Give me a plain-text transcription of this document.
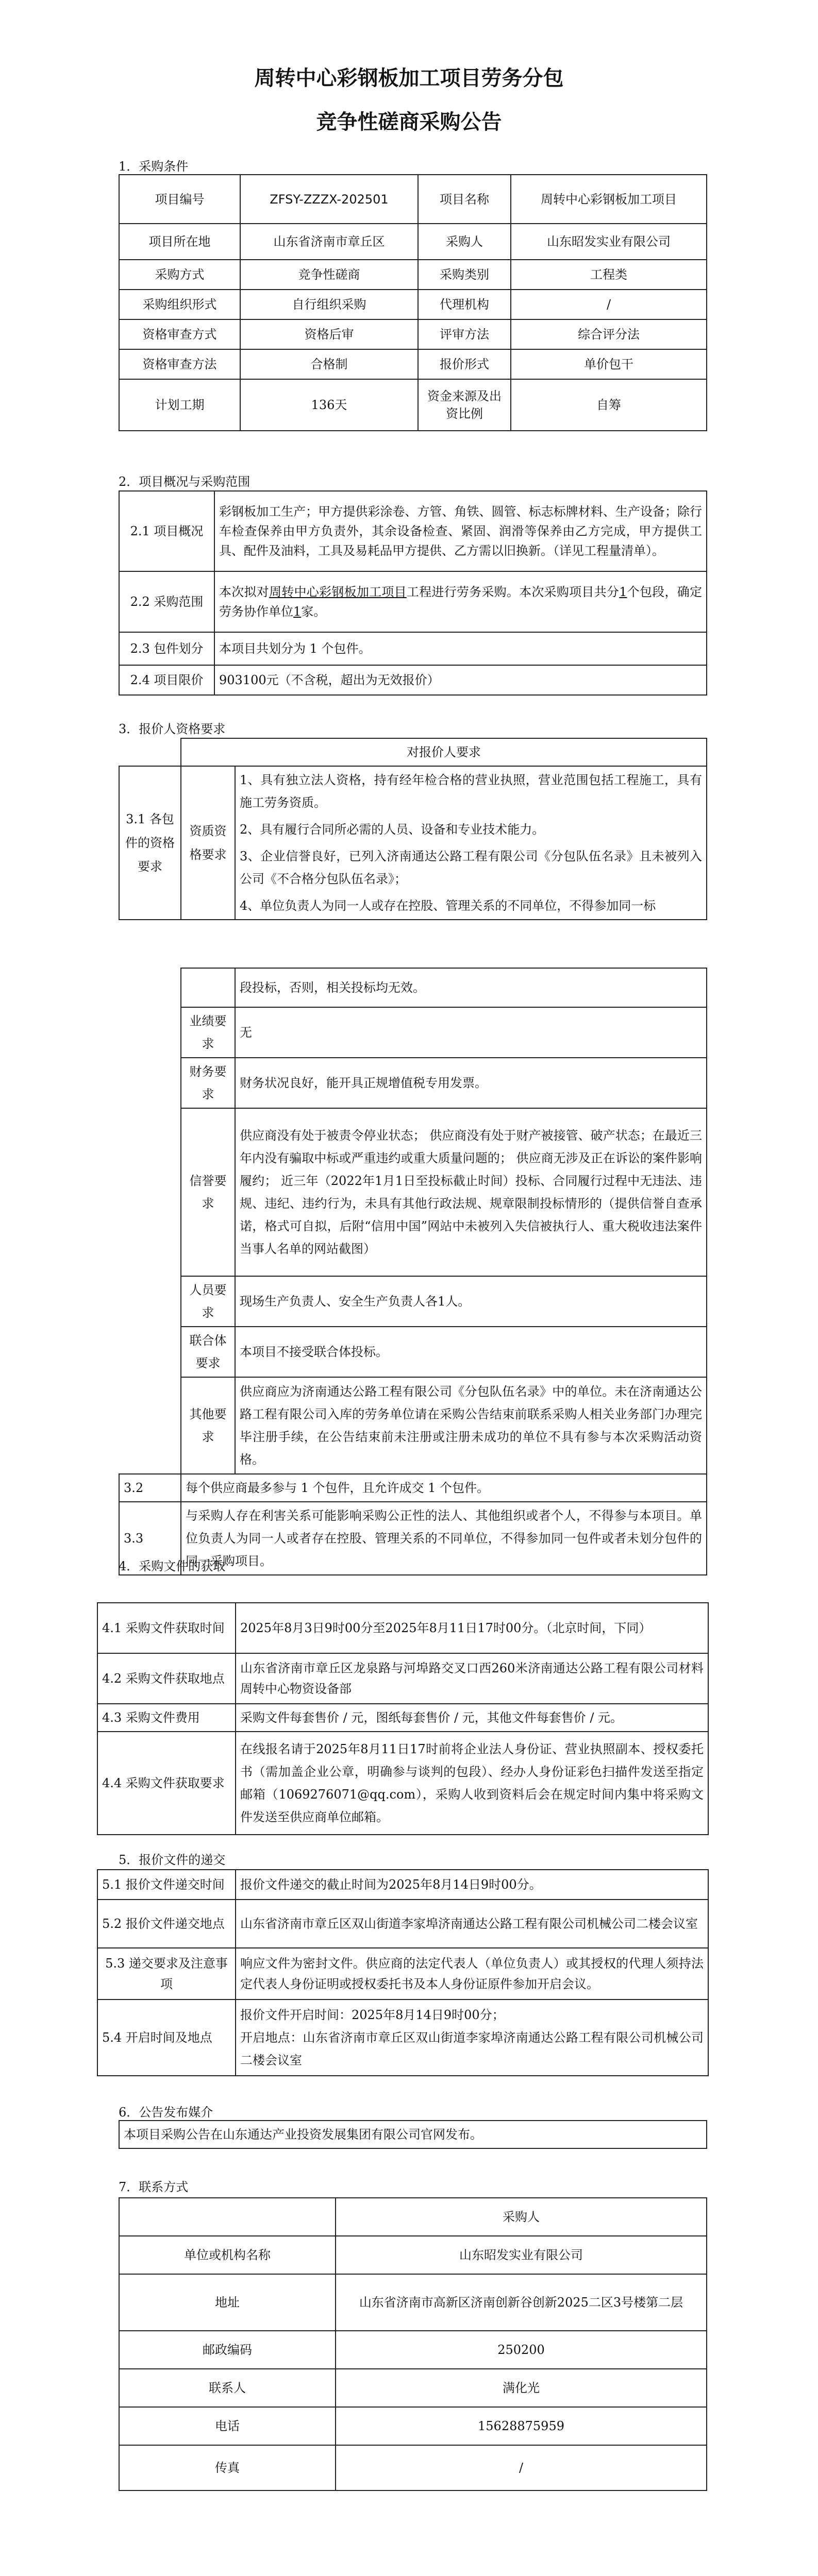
周转中心彩钢板加工项目劳务分包
竞争性磋商采购公告
1．采购条件
项目编号	ZFSY-ZZZX-202501	项目名称	周转中心彩钢板加工项目
项目所在地	山东省济南市章丘区	采购人	山东昭发实业有限公司
采购方式	竞争性磋商	采购类别	工程类
采购组织形式	自行组织采购	代理机构	/
资格审查方式	资格后审	评审方法	综合评分法
资格审查方法	合格制	报价形式	单价包干
计划工期	136天	资金来源及出资比例	自筹
2．项目概况与采购范围
2.1 项目概况	彩钢板加工生产；甲方提供彩涂卷、方管、角铁、圆管、标志标牌材料、生产设备；除行车检查保养由甲方负责外，其余设备检查、紧固、润滑等保养由乙方完成，甲方提供工具、配件及油料，工具及易耗品甲方提供、乙方需以旧换新。（详见工程量清单）。
2.2 采购范围	本次拟对周转中心彩钢板加工项目工程进行劳务采购。本次采购项目共分1个包段，确定劳务协作单位1家。
2.3 包件划分	本项目共划分为 1 个包件。
2.4 项目限价	903100元（不含税，超出为无效报价）
3．报价人资格要求
	对报价人要求	
3.1 各包件的资格要求	资质资格要求	1、具有独立法人资格，持有经年检合格的营业执照，营业范围包括工程施工，具有施工劳务资质。
		2、具有履行合同所必需的人员、设备和专业技术能力。
		3、企业信誉良好，已列入济南通达公路工程有限公司《分包队伍名录》且未被列入公司《不合格分包队伍名录》；
		4、单位负责人为同一人或存在控股、管理关系的不同单位，不得参加同一标
		段投标，否则，相关投标均无效。
	业绩要求	无
	财务要求	财务状况良好，能开具正规增值税专用发票。
	信誉要求	供应商没有处于被责令停业状态； 供应商没有处于财产被接管、破产状态；在最近三年内没有骗取中标或严重违约或重大质量问题的； 供应商无涉及正在诉讼的案件影响履约； 近三年（2022年1月1日至投标截止时间）投标、合同履行过程中无违法、违规、违纪、违约行为，未具有其他行政法规、规章限制投标情形的（提供信誉自查承诺，格式可自拟，后附“信用中国”网站中未被列入失信被执行人、重大税收违法案件当事人名单的网站截图）
	人员要求	现场生产负责人、安全生产负责人各1人。
	联合体要求	本项目不接受联合体投标。
	其他要求	供应商应为济南通达公路工程有限公司《分包队伍名录》中的单位。未在济南通达公路工程有限公司入库的劳务单位请在采购公告结束前联系采购人相关业务部门办理完毕注册手续，在公告结束前未注册或注册未成功的单位不具有参与本次采购活动资格。
3.2	每个供应商最多参与 1 个包件，且允许成交 1 个包件。	
3.3	与采购人存在利害关系可能影响采购公正性的法人、其他组织或者个人，不得参与本项目。单位负责人为同一人或者存在控股、管理关系的不同单位，不得参加同一包件或者未划分包件的同一采购项目。	
4．采购文件的获取
4.1 采购文件获取时间	2025年8月3日9时00分至2025年8月11日17时00分。（北京时间，下同）
4.2 采购文件获取地点	山东省济南市章丘区龙泉路与河埠路交叉口西260米济南通达公路工程有限公司材料周转中心物资设备部
4.3 采购文件费用	采购文件每套售价 / 元，图纸每套售价 / 元，其他文件每套售价 / 元。
4.4 采购文件获取要求	在线报名请于2025年8月11日17时前将企业法人身份证、营业执照副本、授权委托书（需加盖企业公章，明确参与谈判的包段）、经办人身份证彩色扫描件发送至指定邮箱（1069276071@qq.com），采购人收到资料后会在规定时间内集中将采购文件发送至供应商单位邮箱。
5．报价文件的递交
5.1 报价文件递交时间	报价文件递交的截止时间为2025年8月14日9时00分。
5.2 报价文件递交地点	山东省济南市章丘区双山街道李家埠济南通达公路工程有限公司机械公司二楼会议室
5.3 递交要求及注意事项	响应文件为密封文件。供应商的法定代表人（单位负责人）或其授权的代理人须持法定代表人身份证明或授权委托书及本人身份证原件参加开启会议。
5.4 开启时间及地点	报价文件开启时间：2025年8月14日9时00分；
开启地点：山东省济南市章丘区双山街道李家埠济南通达公路工程有限公司机械公司二楼会议室
6．公告发布媒介
本项目采购公告在山东通达产业投资发展集团有限公司官网发布。
7．联系方式
	采购人
单位或机构名称	山东昭发实业有限公司
地址	山东省济南市高新区济南创新谷创新2025二区3号楼第二层
邮政编码	250200
联系人	满化光
电话	15628875959
传真	/
